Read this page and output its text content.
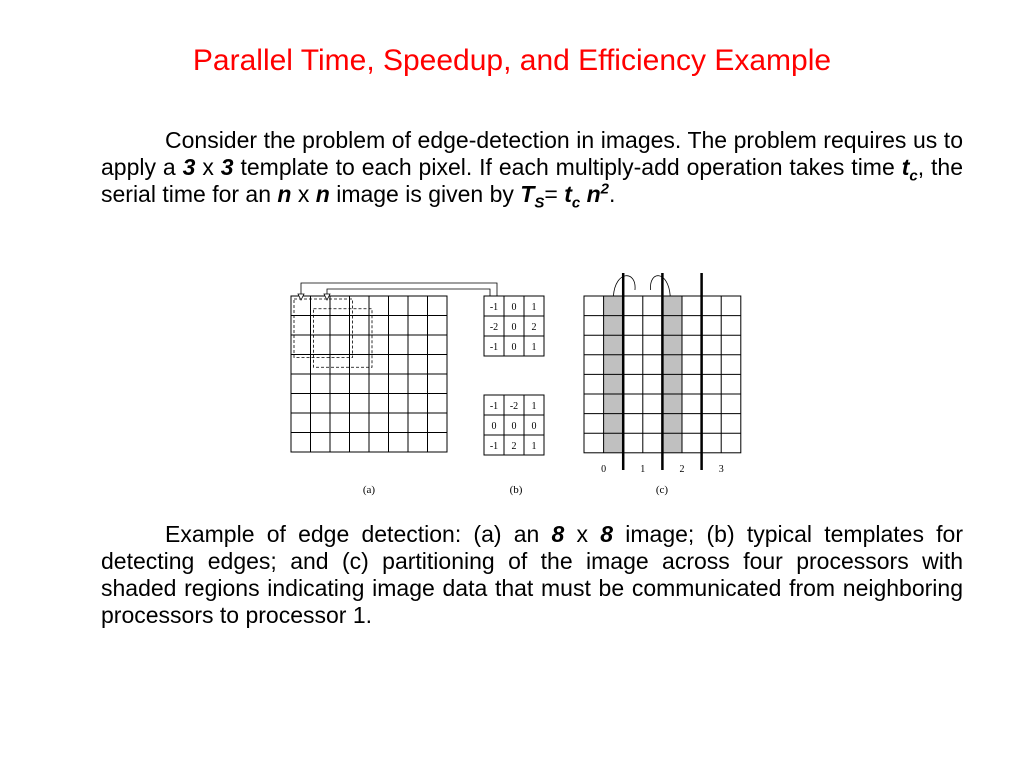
Parallel Time, Speedup, and Efficiency Example

Consider the problem of edge-detection in images. The problem requires us to apply a 3 x 3 template to each pixel. If each multiply-add operation takes time $t_c$, the serial time for an n x n image is given by $T_S= t_c$ $n^2$.

-1 0 1
-2 0 2
-1 0 1
-1 -2 1
0 0 0
-1 2 1
0	1	2	3
(a)	(b)	(c)

Example of edge detection: (a) an 8 x 8 image; (b) typical templates for detecting edges; and (c) partitioning of the image across four processors with shaded regions indicating image data that must be communicated from neighboring processors to processor 1.
